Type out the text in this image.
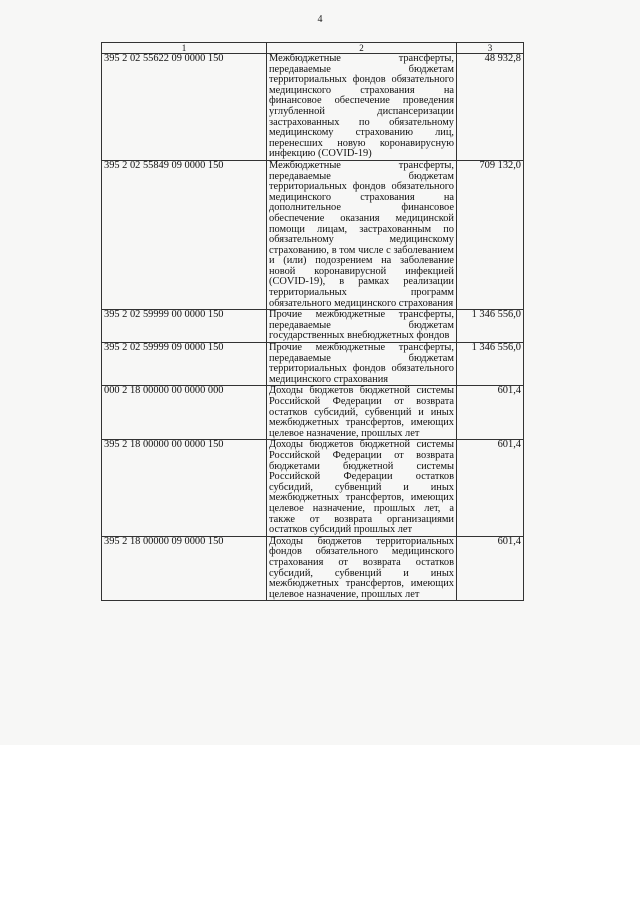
4
1	2	3
395 2 02 55622 09 0000 150	Межбюджетные трансферты, передаваемые бюджетам территориальных фондов обязательного медицинского страхования на финансовое обеспечение проведения углубленной диспансеризации застрахованных по обязательному медицинскому страхованию лиц, перенесших новую коронавирусную инфекцию (COVID-19)	48 932,8
395 2 02 55849 09 0000 150	Межбюджетные трансферты, передаваемые бюджетам территориальных фондов обязательного медицинского страхования на дополнительное финансовое обеспечение оказания медицинской помощи лицам, застрахованным по обязательному медицинскому страхованию, в том числе с заболеванием и (или) подозрением на заболевание новой коронавирусной инфекцией (COVID-19), в рамках реализации территориальных программ обязательного медицинского страхования	709 132,0
395 2 02 59999 00 0000 150	Прочие межбюджетные трансферты, передаваемые бюджетам государственных внебюджетных фондов	1 346 556,0
395 2 02 59999 09 0000 150	Прочие межбюджетные трансферты, передаваемые бюджетам территориальных фондов обязательного медицинского страхования	1 346 556,0
000 2 18 00000 00 0000 000	Доходы бюджетов бюджетной системы Российской Федерации от возврата остатков субсидий, субвенций и иных межбюджетных трансфертов, имеющих целевое назначение, прошлых лет	601,4
395 2 18 00000 00 0000 150	Доходы бюджетов бюджетной системы Российской Федерации от возврата бюджетами бюджетной системы Российской Федерации остатков субсидий, субвенций и иных межбюджетных трансфертов, имеющих целевое назначение, прошлых лет, а также от возврата организациями остатков субсидий прошлых лет	601,4
395 2 18 00000 09 0000 150	Доходы бюджетов территориальных фондов обязательного медицинского страхования от возврата остатков субсидий, субвенций и иных межбюджетных трансфертов, имеющих целевое назначение, прошлых лет	601,4
